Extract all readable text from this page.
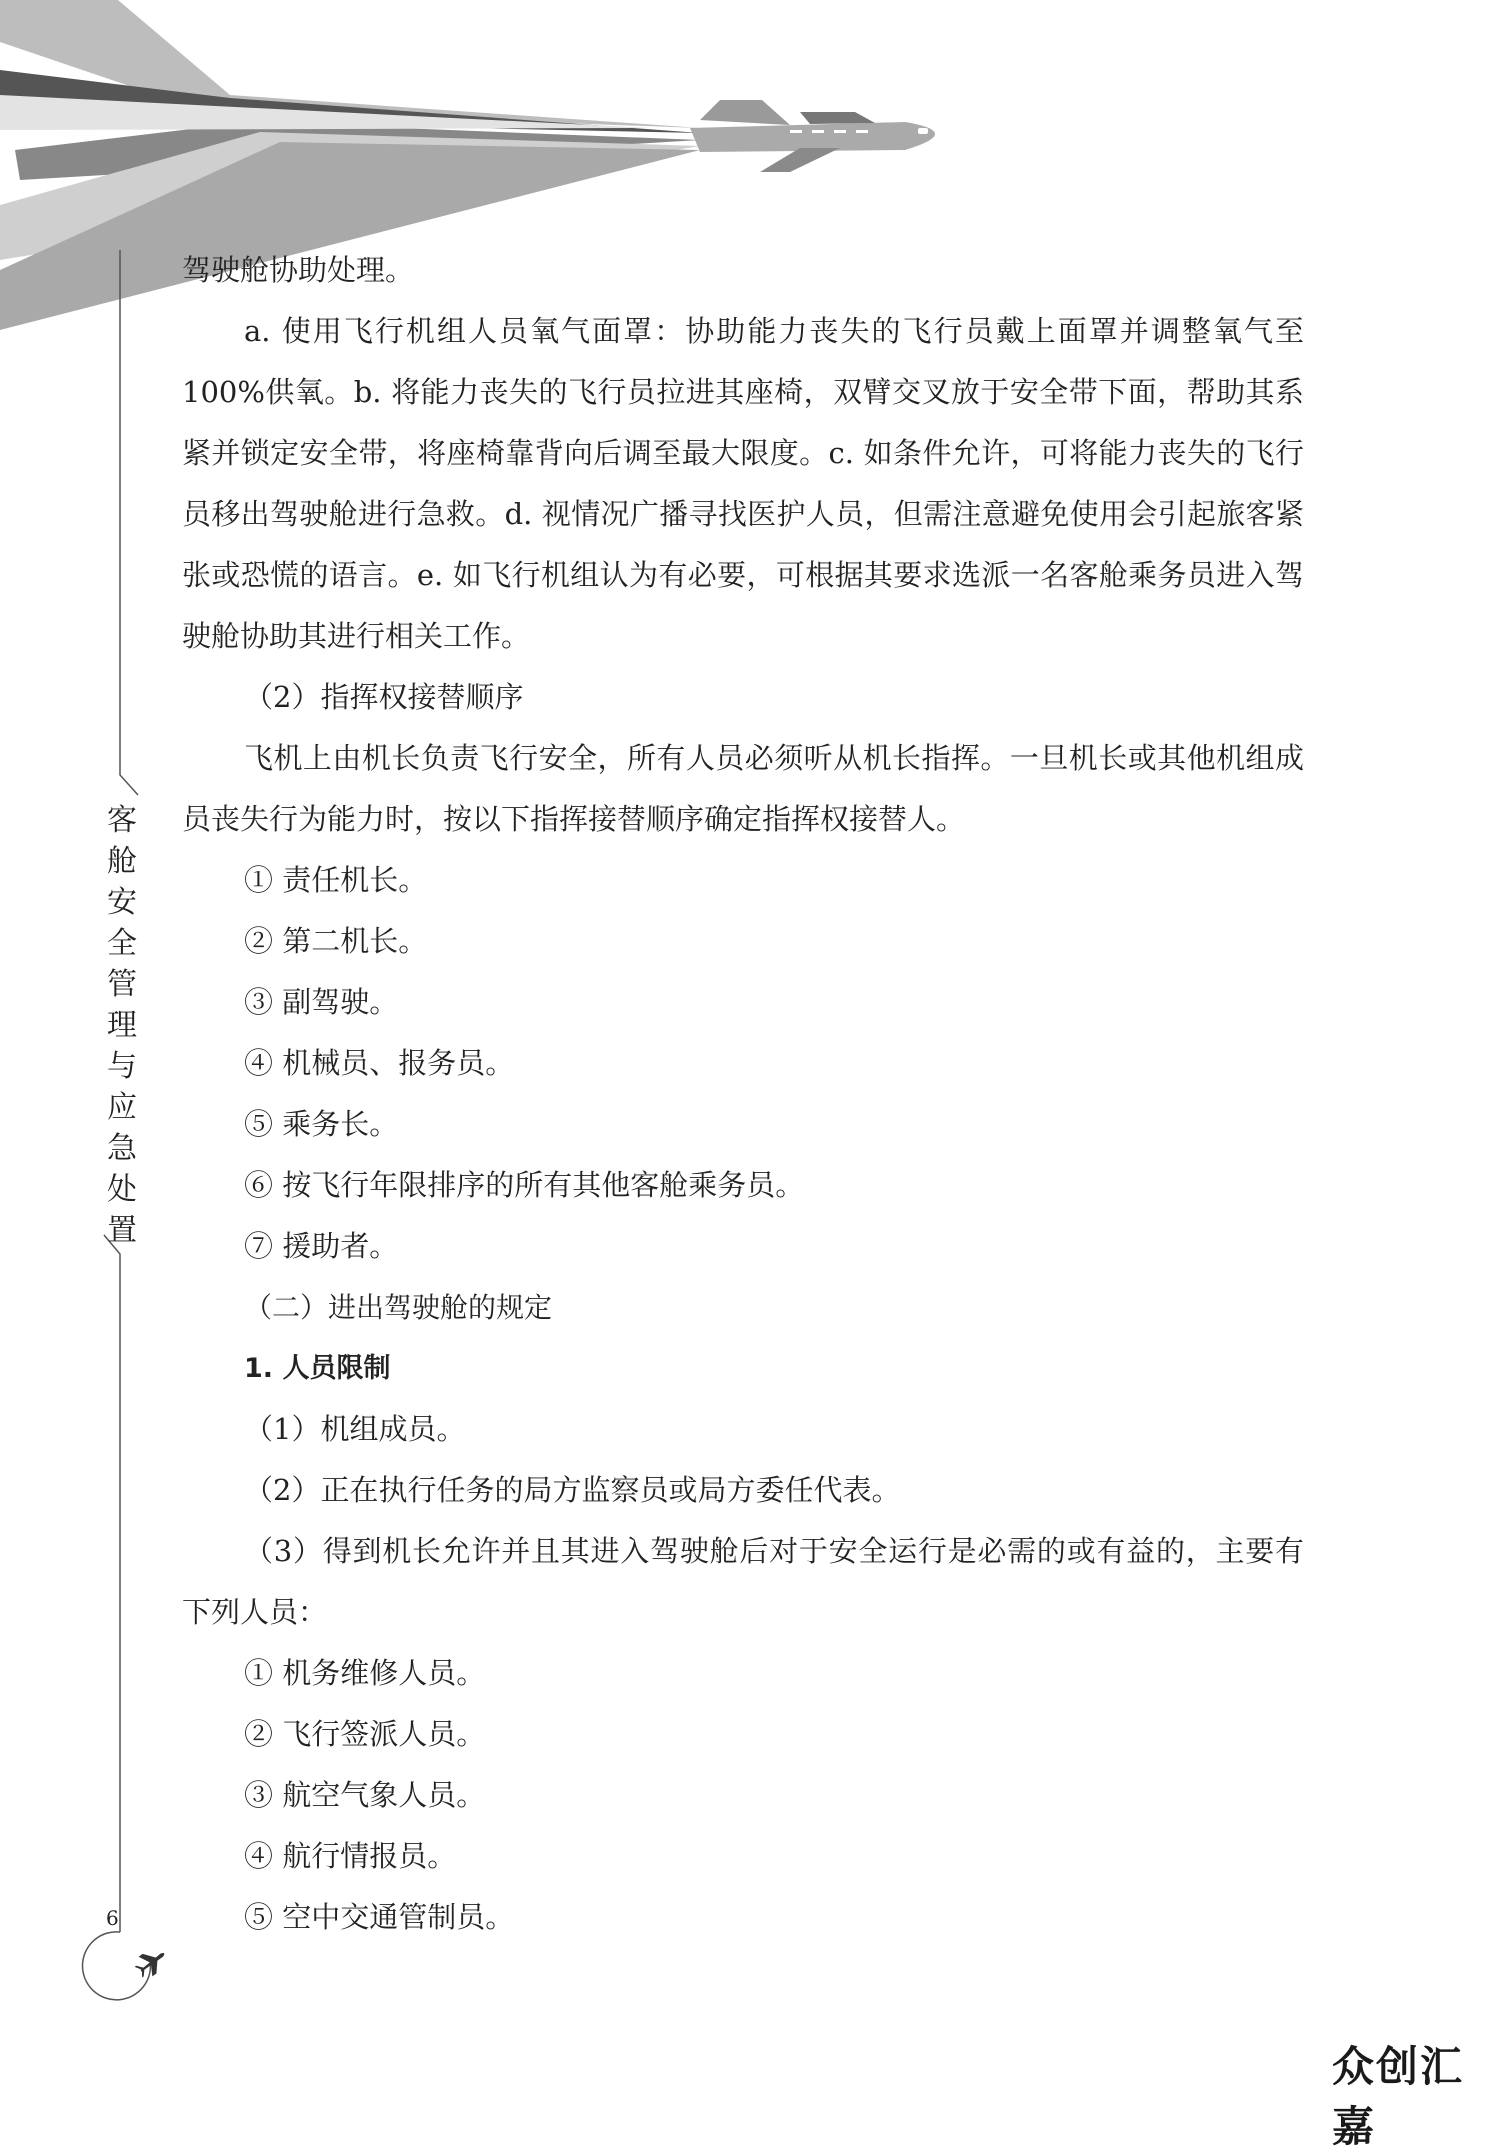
客舱安全管理与应急处置
6

驾驶舱协助处理。

a. 使用飞行机组人员氧气面罩：协助能力丧失的飞行员戴上面罩并调整氧气至100%供氧。b. 将能力丧失的飞行员拉进其座椅，双臂交叉放于安全带下面，帮助其系紧并锁定安全带，将座椅靠背向后调至最大限度。c. 如条件允许，可将能力丧失的飞行员移出驾驶舱进行急救。d. 视情况广播寻找医护人员，但需注意避免使用会引起旅客紧张或恐慌的语言。e. 如飞行机组认为有必要，可根据其要求选派一名客舱乘务员进入驾驶舱协助其进行相关工作。

（2）指挥权接替顺序

飞机上由机长负责飞行安全，所有人员必须听从机长指挥。一旦机长或其他机组成员丧失行为能力时，按以下指挥接替顺序确定指挥权接替人。

① 责任机长。

② 第二机长。

③ 副驾驶。

④ 机械员、报务员。

⑤ 乘务长。

⑥ 按飞行年限排序的所有其他客舱乘务员。

⑦ 援助者。

（二）进出驾驶舱的规定

1. 人员限制

（1）机组成员。

（2）正在执行任务的局方监察员或局方委任代表。

（3）得到机长允许并且其进入驾驶舱后对于安全运行是必需的或有益的，主要有下列人员：

① 机务维修人员。

② 飞行签派人员。

③ 航空气象人员。

④ 航行情报员。

⑤ 空中交通管制员。

众创汇嘉
